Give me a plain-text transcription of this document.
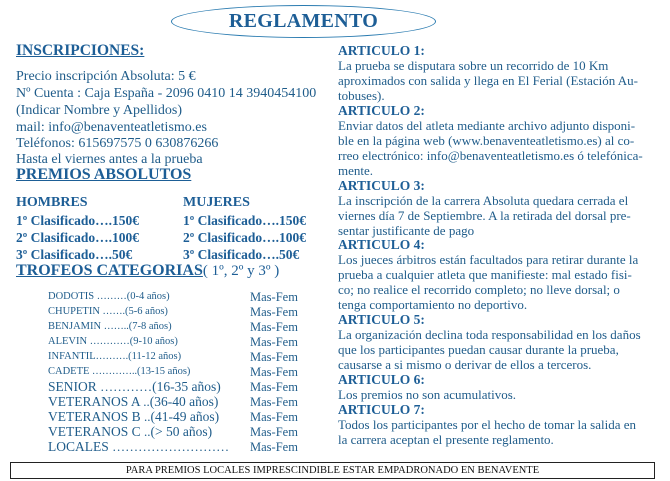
REGLAMENTO
INSCRIPCIONES:
Precio inscripción Absoluta: 5 €
Nº Cuenta : Caja España - 2096 0410 14 3940454100
(Indicar Nombre y Apellidos)
mail: info@benaventeatletismo.es
Teléfonos: 615697575 0 630876266
Hasta el viernes antes a la prueba
PREMIOS ABSOLUTOS
HOMBRES
1º Clasificado….150€
2º Clasificado….100€
3º Clasificado….50€
MUJERES
1º Clasificado….150€
2º Clasificado….100€
3º Clasificado….50€
TROFEOS CATEGORIAS( 1º, 2º y 3º )
DODOTIS ………(0-4 años)	Mas-Fem
CHUPETIN …….(5-6 años)	Mas-Fem
BENJAMIN ……..(7-8 años)	Mas-Fem
ALEVIN …………(9-10 años)	Mas-Fem
INFANTIL……….(11-12 años)	Mas-Fem
CADETE …………..(13-15 años)	Mas-Fem
SENIOR …………(16-35 años) Mas-Fem
VETERANOS A ..(36-40 años)	Mas-Fem
VETERANOS B ..(41-49 años) Mas-Fem
VETERANOS C ..(> 50 años)	Mas-Fem
LOCALES ……………………… Mas-Fem
ARTICULO 1:
La prueba se disputara sobre un recorrido de 10 Km
aproximados con salida y llega en El Ferial (Estación Au-
tobuses).
ARTICULO 2:
Enviar datos del atleta mediante archivo adjunto disponi-
ble en la página web (www.benaventeatletismo.es) al co-
rreo electrónico: info@benaventeatletismo.es ó telefónica-
mente.
ARTICULO 3:
La inscripción de la carrera Absoluta quedara cerrada el
viernes día 7 de Septiembre. A la retirada del dorsal pre-
sentar justificante de pago
ARTICULO 4:
Los jueces árbitros están facultados para retirar durante la
prueba a cualquier atleta que manifieste: mal estado fisi-
co; no realice el recorrido completo; no lleve dorsal; o
tenga comportamiento no deportivo.
ARTICULO 5:
La organización declina toda responsabilidad en los daños
que los participantes puedan causar durante la prueba,
causarse a si mismo o derivar de ellos a terceros.
ARTICULO 6:
Los premios no son acumulativos.
ARTICULO 7:
Todos los participantes por el hecho de tomar la salida en
la carrera aceptan el presente reglamento.
PARA PREMIOS LOCALES IMPRESCINDIBLE ESTAR EMPADRONADO EN BENAVENTE
